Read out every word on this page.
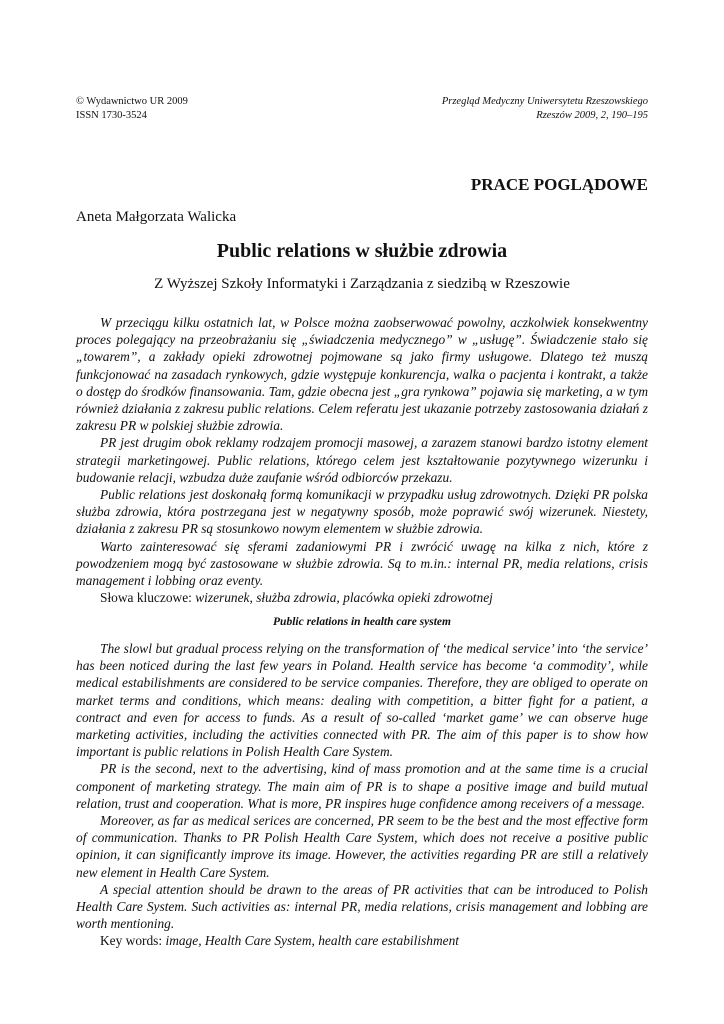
© Wydawnictwo UR 2009
ISSN 1730-3524
Przegląd Medyczny Uniwersytetu Rzeszowskiego
Rzeszów 2009, 2, 190–195
PRACE POGLĄDOWE
Aneta Małgorzata Walicka
Public relations w służbie zdrowia
Z Wyższej Szkoły Informatyki i Zarządzania z siedzibą w Rzeszowie

W przeciągu kilku ostatnich lat, w Polsce można zaobserwować powolny, aczkolwiek konsekwentny proces polegający na przeobrażaniu się „świadczenia medycznego” w „usługę”. Świadczenie stało się „towarem”, a zakłady opieki zdrowotnej pojmowane są jako firmy usługowe. Dlatego też muszą funkcjonować na zasadach rynkowych, gdzie występuje konkurencja, walka o pacjenta i kontrakt, a także o dostęp do środków finansowania. Tam, gdzie obecna jest „gra rynkowa” pojawia się marketing, a w tym również działania z zakresu public relations. Celem referatu jest ukazanie potrzeby zastosowania działań z zakresu PR w polskiej służbie zdrowia.

PR jest drugim obok reklamy rodzajem promocji masowej, a zarazem stanowi bardzo istotny element strategii marketingowej. Public relations, którego celem jest kształtowanie pozytywnego wizerunku i budowanie relacji, wzbudza duże zaufanie wśród odbiorców przekazu.

Public relations jest doskonałą formą komunikacji w przypadku usług zdrowotnych. Dzięki PR polska służba zdrowia, która postrzegana jest w negatywny sposób, może poprawić swój wizerunek. Niestety, działania z zakresu PR są stosunkowo nowym elementem w służbie zdrowia.

Warto zainteresować się sferami zadaniowymi PR i zwrócić uwagę na kilka z nich, które z powodzeniem mogą być zastosowane w służbie zdrowia. Są to m.in.: internal PR, media relations, crisis management i lobbing oraz eventy.

Słowa kluczowe: wizerunek, służba zdrowia, placówka opieki zdrowotnej

Public relations in health care system

The slowl but gradual process relying on the transformation of ‘the medical service’ into ‘the service’ has been noticed during the last few years in Poland. Health service has become ‘a commodity’, while medical estabilishments are considered to be service companies. Therefore, they are obliged to operate on market terms and conditions, which means: dealing with competition, a bitter fight for a patient, a contract and even for access to funds. As a result of so-called ‘market game’ we can observe huge marketing activities, including the activities connected with PR. The aim of this paper is to show how important is public relations in Polish Health Care System.

PR is the second, next to the advertising, kind of mass promotion and at the same time is a crucial component of marketing strategy. The main aim of PR is to shape a positive image and build mutual relation, trust and cooperation. What is more, PR inspires huge confidence among receivers of a message.

Moreover, as far as medical serices are concerned, PR seem to be the best and the most effective form of communication. Thanks to PR Polish Health Care System, which does not receive a positive public opinion, it can significantly improve its image. However, the activities regarding PR are still a relatively new element in Health Care System.

A special attention should be drawn to the areas of PR activities that can be introduced to Polish Health Care System. Such activities as: internal PR, media relations, crisis management and lobbing are worth mentioning.

Key words: image, Health Care System, health care estabilishment
